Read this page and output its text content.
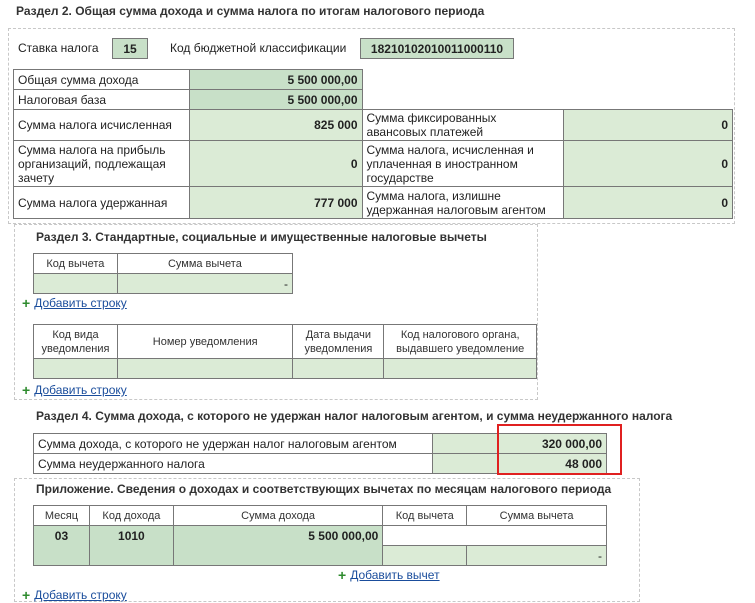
Раздел 2. Общая сумма дохода и сумма налога по итогам налогового периода
Ставка налога	15	Код бюджетной классификации	18210102010011000110
Общая сумма дохода	5 500 000,00		
Налоговая база	5 500 000,00		
Сумма налога исчисленная	825 000	Сумма фиксированных авансовых платежей	0
Сумма налога на прибыль организаций, подлежащая зачету	0	Сумма налога, исчисленная и уплаченная в иностранном государстве	0
Сумма налога удержанная	777 000	Сумма налога, излишне удержанная налоговым агентом	0
Раздел 3. Стандартные, социальные и имущественные налоговые вычеты
Код вычета	Сумма вычета
	-
+ Добавить строку
Код вида уведомления	Номер уведомления	Дата выдачи уведомления	Код налогового органа, выдавшего уведомление

+ Добавить строку
Раздел 4. Сумма дохода, с которого не удержан налог налоговым агентом, и сумма неудержанного налога
Сумма дохода, с которого не удержан налог налоговым агентом	320 000,00
Сумма неудержанного налога	48 000
Приложение. Сведения о доходах и соответствующих вычетах по месяцам налогового периода
Месяц	Код дохода	Сумма дохода	Код вычета	Сумма вычета
03	1010	5 500 000,00		
				-
+ Добавить вычет
+ Добавить строку
